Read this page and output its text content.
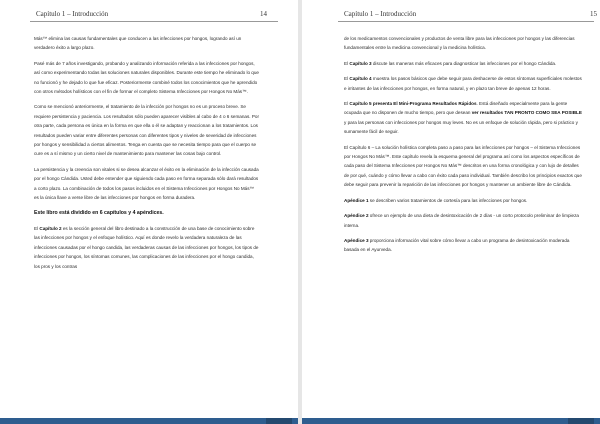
Capítulo 1 – Introducción	14

Más™ elimina las causas fundamentales que conducen a las infecciones por hongos, logrando así un verdadero éxito a largo plazo.

Pasé más de 7 años investigando, probando y analizando información referida a las infecciones por hongos, así como experimentando todas las soluciones naturales disponibles. Durante este tiempo he eliminado lo que no funcionó y he dejado lo que fue eficaz. Posteriormente combiné todos los conocimientos que he aprendido con otros métodos holísticos con el fin de formar el completo Sistema Infecciones por Hongos No Más™.

Como se mencionó anteriormente, el tratamiento de la infección por hongos no es un proceso breve. Se requiere persistencia y paciencia. Los resultados sólo pueden aparecer visibles al cabo de 4 o 6 semanas. Por otra parte, cada persona es única en la forma en que ella o él se adaptan y reaccionan a los tratamientos. Los resultados pueden variar entre diferentes personas con diferentes tipos y niveles de severidad de infecciones por hongos y sensibilidad a ciertos alimentos. Tenga en cuenta que se necesita tiempo para que el cuerpo se cure es a sí mismo y un cierto nivel de mantenimiento para mantener las cosas bajo control.

La persistencia y la creencia son vitales si se desea alcanzar el éxito en la eliminación de la infección causada por el hongo Cándida. Usted debe entender que siguiendo cada paso en forma separada sólo dará resultados a corto plazo. La combinación de todos los pasos incluidos en el Sistema Infecciones por Hongos No Más™ es la única llave a verse libre de las infecciones por hongos en forma duradera.

Este libro está dividido en 6 capítulos y 4 apéndices.

El Capítulo 2 es la sección general del libro destinado a la construcción de una base de conocimiento sobre las infecciones por hongos y el enfoque holístico. Aquí es donde revelo la verdadera naturaleza de las infecciones causadas por el hongo candida, las verdaderas causas de las infecciones por hongos, los tipos de infecciones por hongos, los síntomas comunes, las complicaciones de las infecciones por el hongo candida, los pros y los contras

Capítulo 1 – Introducción	15

de los medicamentos convencionales y productos de venta libre para las infecciones por hongos y las diferencias fundamentales entre la medicina convencional y la medicina holística.

El Capítulo 3 discute las maneras más eficaces para diagnosticar las infecciones por el hongo Cándida.

El Capítulo 4 muestra los pasos básicos que debe seguir para deshacerse de estos síntomas superficiales molestos e irritantes de las infecciones por hongos, en forma natural, y en plazo tan breve de apenas 12 horas.

El Capítulo 5 presenta El Mini-Programa Resultados Rápidos. Está diseñado especialmente para la gente ocupada que no disponen de mucho tiempo, pero que desean ver resultados TAN PRONTO COMO SEA POSIBLE y para las personas con infecciones por hongos muy leves. No es un enfoque de solución rápida, pero si práctico y sumamente fácil de seguir.

El Capítulo 6 – La solución holística completa paso a paso para las infecciones por hongos – el Sistema Infecciones por Hongos No Más™. Este capítulo revela la esquema general del programa así como los aspectos específicos de cada paso del Sistema Infecciones por Hongos No Más™ descritos en una forma cronológica y con lujo de detalles de por qué, cuándo y cómo llevar a cabo con éxito cada paso individual. También describo los principios exactos que debe seguir para prevenir la reparición de las infecciones por hongos y mantener un ambiente libre de Cándida.

Apéndice 1 se describen varios tratamientos de cortesía para las infecciones por hongos.

Apéndice 2 ofrece un ejemplo de una dieta de desintoxicación de 2 días - un corto protocolo preliminar de limpieza interna.

Apéndice 3 proporciona información vital sobre cómo llevar a cabo un programa de desintoxicación moderada basada en el Ayurveda.
